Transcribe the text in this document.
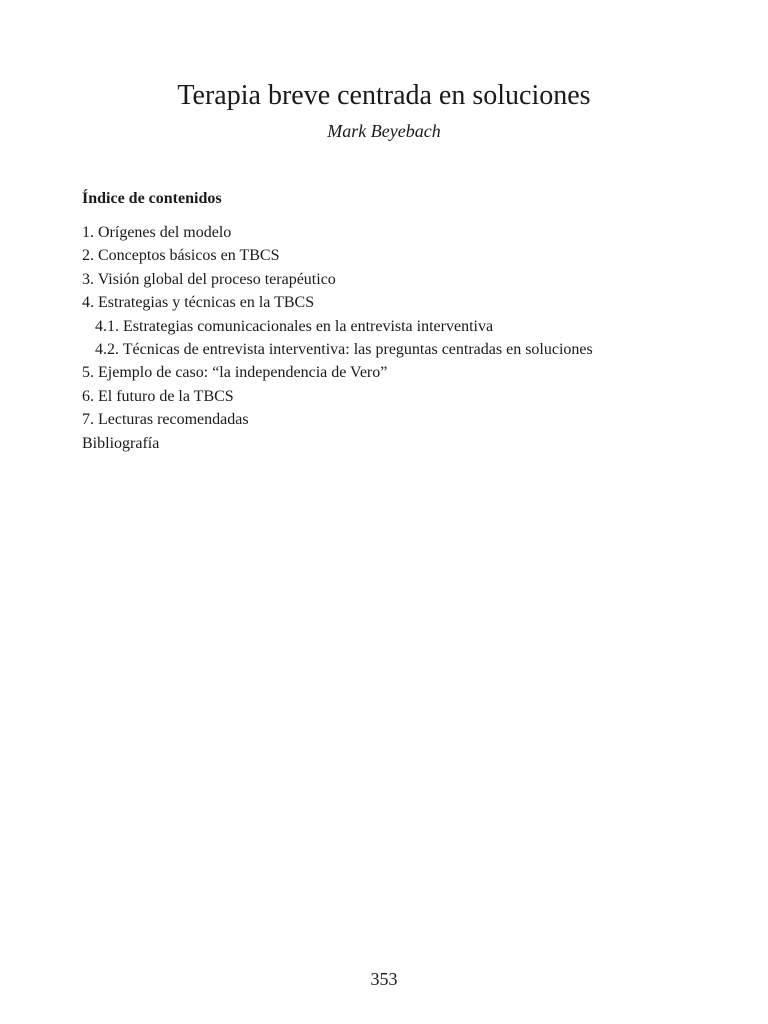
Terapia breve centrada en soluciones
Mark Beyebach
Índice de contenidos
1. Orígenes del modelo
2. Conceptos básicos en TBCS
3. Visión global del proceso terapéutico
4. Estrategias y técnicas en la TBCS
4.1. Estrategias comunicacionales en la entrevista interventiva
4.2. Técnicas de entrevista interventiva: las preguntas centradas en soluciones
5. Ejemplo de caso: “la independencia de Vero”
6. El futuro de la TBCS
7. Lecturas recomendadas
Bibliografía
353
